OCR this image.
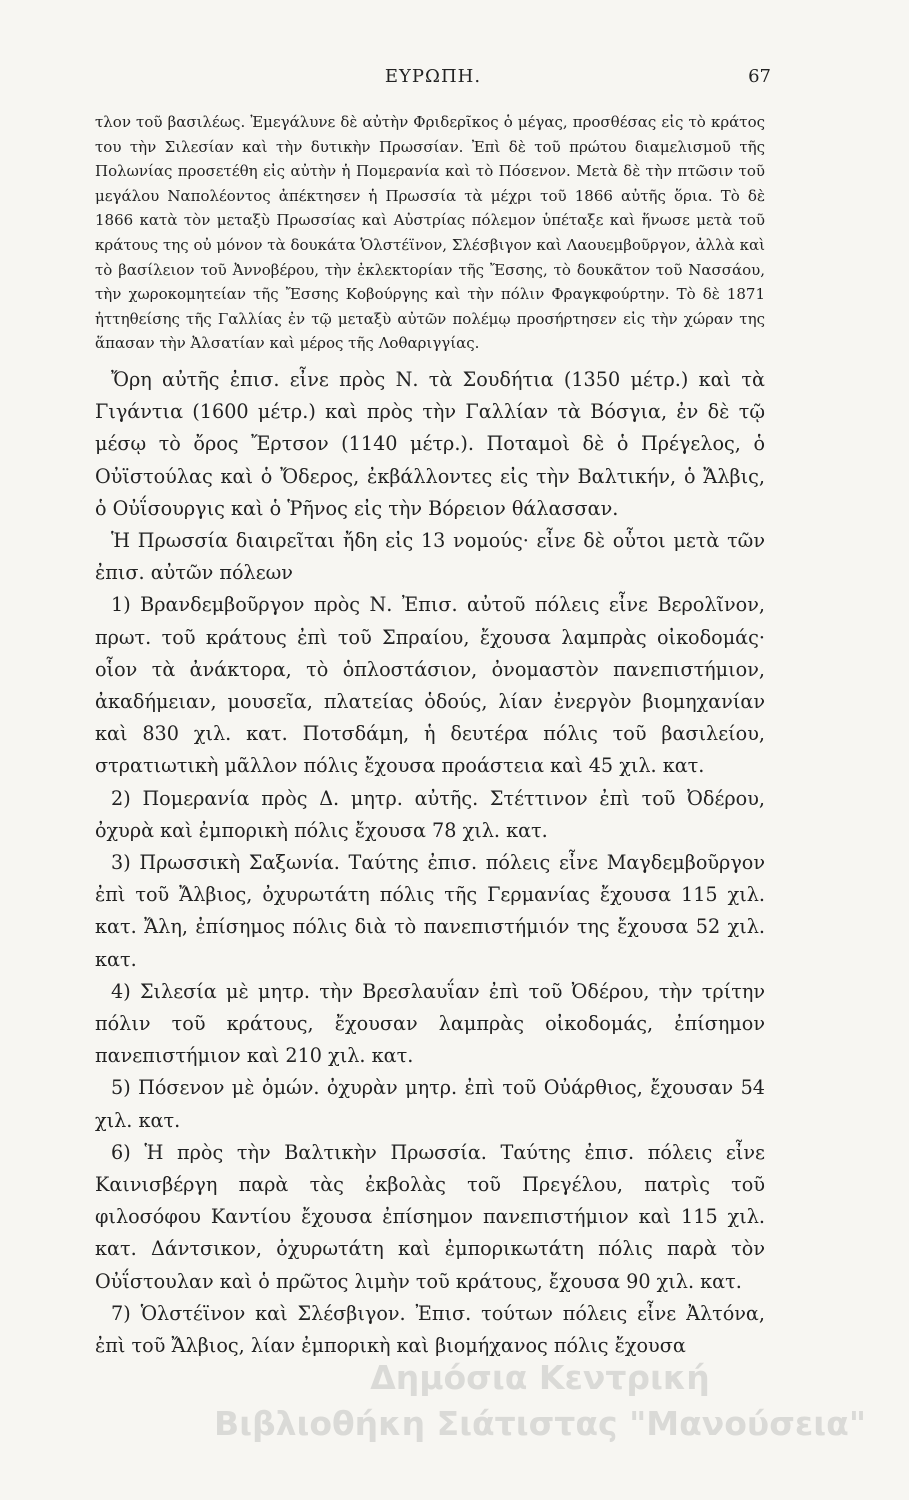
ΕΥΡΩΠΗ.	67

τλον τοῦ βασιλέως. Ἐμεγάλυνε δὲ αὐτὴν Φριδερῖκος ὁ μέγας, προσθέσας εἰς τὸ κράτος του τὴν Σιλεσίαν καὶ τὴν δυτικὴν Πρωσσίαν. Ἐπὶ δὲ τοῦ πρώτου διαμελισμοῦ τῆς Πολωνίας προσετέθη εἰς αὐτὴν ἡ Πομερανία καὶ τὸ Πόσενον. Μετὰ δὲ τὴν πτῶσιν τοῦ μεγάλου Ναπολέοντος ἀπέκτησεν ἡ Πρωσσία τὰ μέχρι τοῦ 1866 αὐτῆς ὅρια. Τὸ δὲ 1866 κατὰ τὸν μεταξὺ Πρωσσίας καὶ Αὐστρίας πόλεμον ὑπέταξε καὶ ἥνωσε μετὰ τοῦ κράτους της οὐ μόνον τὰ δουκάτα Ὁλστέϊνον, Σλέσβιγον καὶ Λαουεμβοῦργον, ἀλλὰ καὶ τὸ βασίλειον τοῦ Ἀννοβέρου, τὴν ἐκλεκτορίαν τῆς Ἔσσης, τὸ δουκᾶτον τοῦ Νασσάου, τὴν χωροκομητείαν τῆς Ἔσσης Κοβούργης καὶ τὴν πόλιν Φραγκφούρτην. Τὸ δὲ 1871 ἡττηθείσης τῆς Γαλλίας ἐν τῷ μεταξὺ αὐτῶν πολέμῳ προσήρτησεν εἰς τὴν χώραν της ἅπασαν τὴν Ἀλσατίαν καὶ μέρος τῆς Λοθαριγγίας.

Ὄρη αὐτῆς ἐπισ. εἶνε πρὸς Ν. τὰ Σουδήτια (1350 μέτρ.) καὶ τὰ Γιγάντια (1600 μέτρ.) καὶ πρὸς τὴν Γαλλίαν τὰ Βόσγια, ἐν δὲ τῷ μέσῳ τὸ ὄρος Ἔρτσον (1140 μέτρ.). Ποταμοὶ δὲ ὁ Πρέγελος, ὁ Οὐϊστούλας καὶ ὁ Ὄδερος, ἐκβάλλοντες εἰς τὴν Βαλτικήν, ὁ Ἄλβις, ὁ Οὐΐσουργις καὶ ὁ Ῥῆνος εἰς τὴν Βόρειον θάλασσαν.

Ἡ Πρωσσία διαιρεῖται ἤδη εἰς 13 νομούς· εἶνε δὲ οὗτοι μετὰ τῶν ἐπισ. αὐτῶν πόλεων

1) Βρανδεμβοῦργον πρὸς Ν. Ἐπισ. αὐτοῦ πόλεις εἶνε Βερολῖνον, πρωτ. τοῦ κράτους ἐπὶ τοῦ Σπραίου, ἔχουσα λαμπρὰς οἰκοδομάς· οἷον τὰ ἀνάκτορα, τὸ ὁπλοστάσιον, ὀνομαστὸν πανεπιστήμιον, ἀκαδήμειαν, μουσεῖα, πλατείας ὁδούς, λίαν ἐνεργὸν βιομηχανίαν καὶ 830 χιλ. κατ. Ποτσδάμη, ἡ δευτέρα πόλις τοῦ βασιλείου, στρατιωτικὴ μᾶλλον πόλις ἔχουσα προάστεια καὶ 45 χιλ. κατ.

2) Πομερανία πρὸς Δ. μητρ. αὐτῆς. Στέττινον ἐπὶ τοῦ Ὀδέρου, ὀχυρὰ καὶ ἐμπορικὴ πόλις ἔχουσα 78 χιλ. κατ.

3) Πρωσσικὴ Σαξωνία. Ταύτης ἐπισ. πόλεις εἶνε Μαγδεμβοῦργον ἐπὶ τοῦ Ἄλβιος, ὀχυρωτάτη πόλις τῆς Γερμανίας ἔχουσα 115 χιλ. κατ. Ἄλη, ἐπίσημος πόλις διὰ τὸ πανεπιστήμιόν της ἔχουσα 52 χιλ. κατ.

4) Σιλεσία μὲ μητρ. τὴν Βρεσλαυΐαν ἐπὶ τοῦ Ὀδέρου, τὴν τρίτην πόλιν τοῦ κράτους, ἔχουσαν λαμπρὰς οἰκοδομάς, ἐπίσημον πανεπιστήμιον καὶ 210 χιλ. κατ.

5) Πόσενον μὲ ὁμών. ὀχυρὰν μητρ. ἐπὶ τοῦ Οὐάρθιος, ἔχουσαν 54 χιλ. κατ.

6) Ἡ πρὸς τὴν Βαλτικὴν Πρωσσία. Ταύτης ἐπισ. πόλεις εἶνε Καινισβέργη παρὰ τὰς ἐκβολὰς τοῦ Πρεγέλου, πατρὶς τοῦ φιλοσόφου Καντίου ἔχουσα ἐπίσημον πανεπιστήμιον καὶ 115 χιλ. κατ. Δάντσικον, ὀχυρωτάτη καὶ ἐμπορικωτάτη πόλις παρὰ τὸν Οὐΐστουλαν καὶ ὁ πρῶτος λιμὴν τοῦ κράτους, ἔχουσα 90 χιλ. κατ.

7) Ὁλστέϊνον καὶ Σλέσβιγον. Ἐπισ. τούτων πόλεις εἶνε Ἀλτόνα, ἐπὶ τοῦ Ἄλβιος, λίαν ἐμπορικὴ καὶ βιομήχανος πόλις ἔχουσα

Δημόσια Κεντρική
Βιβλιοθήκη Σιάτιστας "Μανούσεια"
